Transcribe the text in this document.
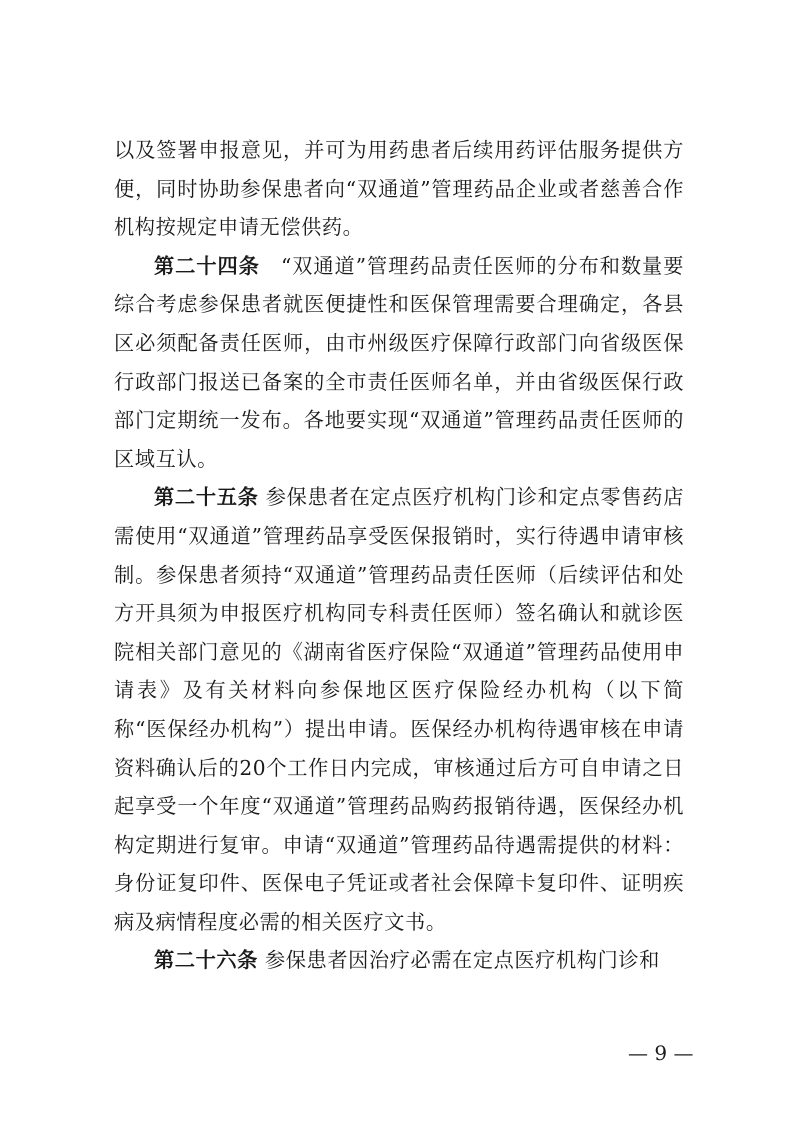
以及签署申报意见，并可为用药患者后续用药评估服务提供方便，同时协助参保患者向“双通道”管理药品企业或者慈善合作机构按规定申请无偿供药。

第二十四条　“双通道”管理药品责任医师的分布和数量要综合考虑参保患者就医便捷性和医保管理需要合理确定，各县区必须配备责任医师，由市州级医疗保障行政部门向省级医保行政部门报送已备案的全市责任医师名单，并由省级医保行政部门定期统一发布。各地要实现“双通道”管理药品责任医师的区域互认。

第二十五条 参保患者在定点医疗机构门诊和定点零售药店需使用“双通道”管理药品享受医保报销时，实行待遇申请审核制。参保患者须持“双通道”管理药品责任医师（后续评估和处方开具须为申报医疗机构同专科责任医师）签名确认和就诊医院相关部门意见的《湖南省医疗保险“双通道”管理药品使用申请表》及有关材料向参保地区医疗保险经办机构（以下简称“医保经办机构”）提出申请。医保经办机构待遇审核在申请资料确认后的20个工作日内完成，审核通过后方可自申请之日起享受一个年度“双通道”管理药品购药报销待遇，医保经办机构定期进行复审。申请“双通道”管理药品待遇需提供的材料：身份证复印件、医保电子凭证或者社会保障卡复印件、证明疾病及病情程度必需的相关医疗文书。

第二十六条 参保患者因治疗必需在定点医疗机构门诊和

— 9 —
